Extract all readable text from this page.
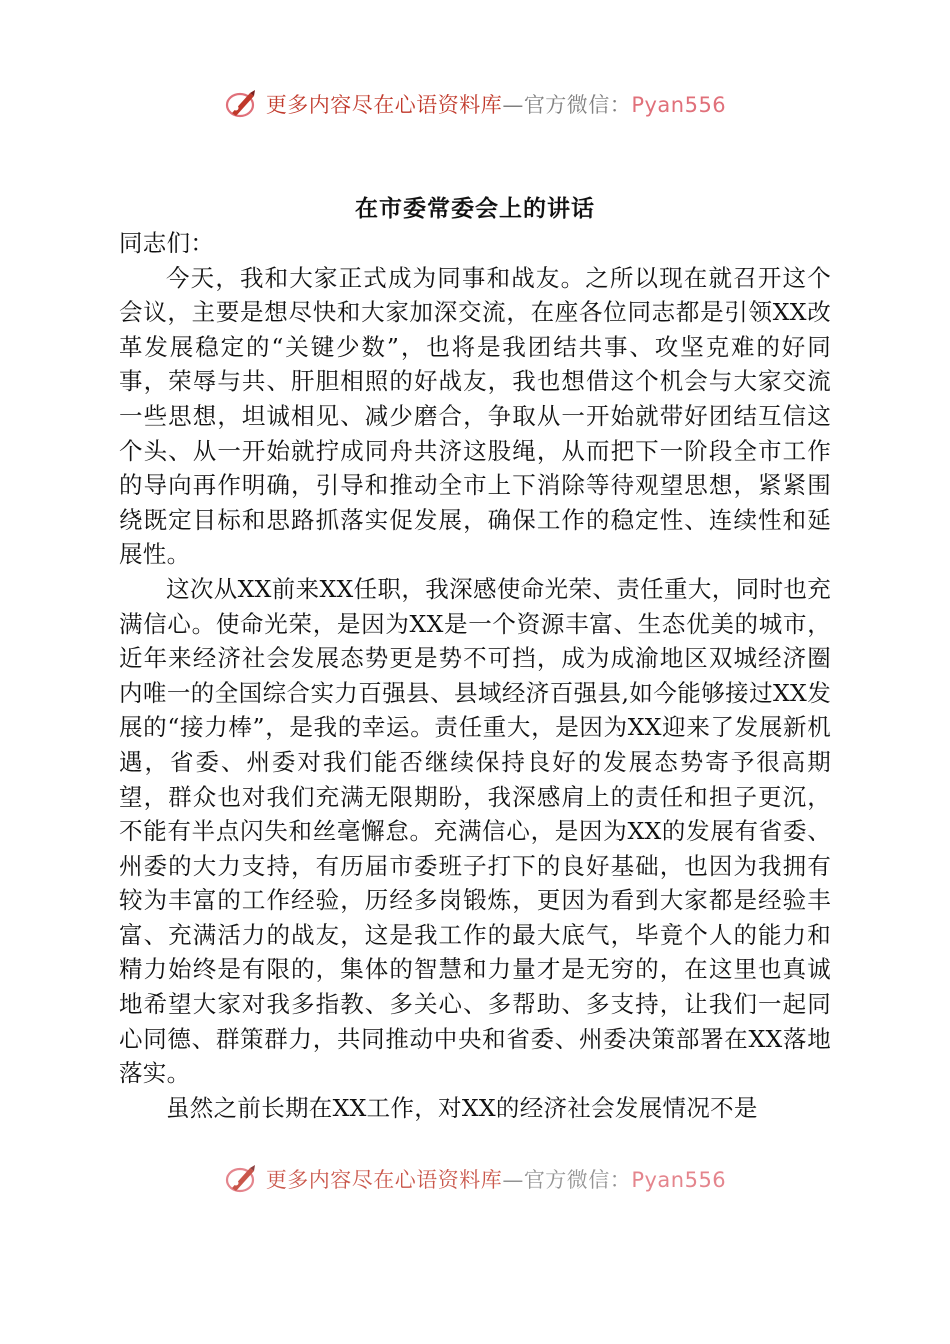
更多内容尽在心语资料库—官方微信：Pyan556
在市委常委会上的讲话

同志们：

今天，我和大家正式成为同事和战友。之所以现在就召开这个会议，主要是想尽快和大家加深交流，在座各位同志都是引领XX改革发展稳定的“关键少数”，也将是我团结共事、攻坚克难的好同事，荣辱与共、肝胆相照的好战友，我也想借这个机会与大家交流一些思想，坦诚相见、减少磨合，争取从一开始就带好团结互信这个头、从一开始就拧成同舟共济这股绳，从而把下一阶段全市工作的导向再作明确，引导和推动全市上下消除等待观望思想，紧紧围绕既定目标和思路抓落实促发展，确保工作的稳定性、连续性和延展性。

这次从XX前来XX任职，我深感使命光荣、责任重大，同时也充满信心。使命光荣，是因为XX是一个资源丰富、生态优美的城市，近年来经济社会发展态势更是势不可挡，成为成渝地区双城经济圈内唯一的全国综合实力百强县、县域经济百强县,如今能够接过XX发展的“接力棒”，是我的幸运。责任重大，是因为XX迎来了发展新机遇，省委、州委对我们能否继续保持良好的发展态势寄予很高期望，群众也对我们充满无限期盼，我深感肩上的责任和担子更沉，不能有半点闪失和丝毫懈怠。充满信心，是因为XX的发展有省委、州委的大力支持，有历届市委班子打下的良好基础，也因为我拥有较为丰富的工作经验，历经多岗锻炼，更因为看到大家都是经验丰富、充满活力的战友，这是我工作的最大底气，毕竟个人的能力和精力始终是有限的，集体的智慧和力量才是无穷的，在这里也真诚地希望大家对我多指教、多关心、多帮助、多支持，让我们一起同心同德、群策群力，共同推动中央和省委、州委决策部署在XX落地落实。

虽然之前长期在XX工作，对XX的经济社会发展情况不是

更多内容尽在心语资料库—官方微信：Pyan556
